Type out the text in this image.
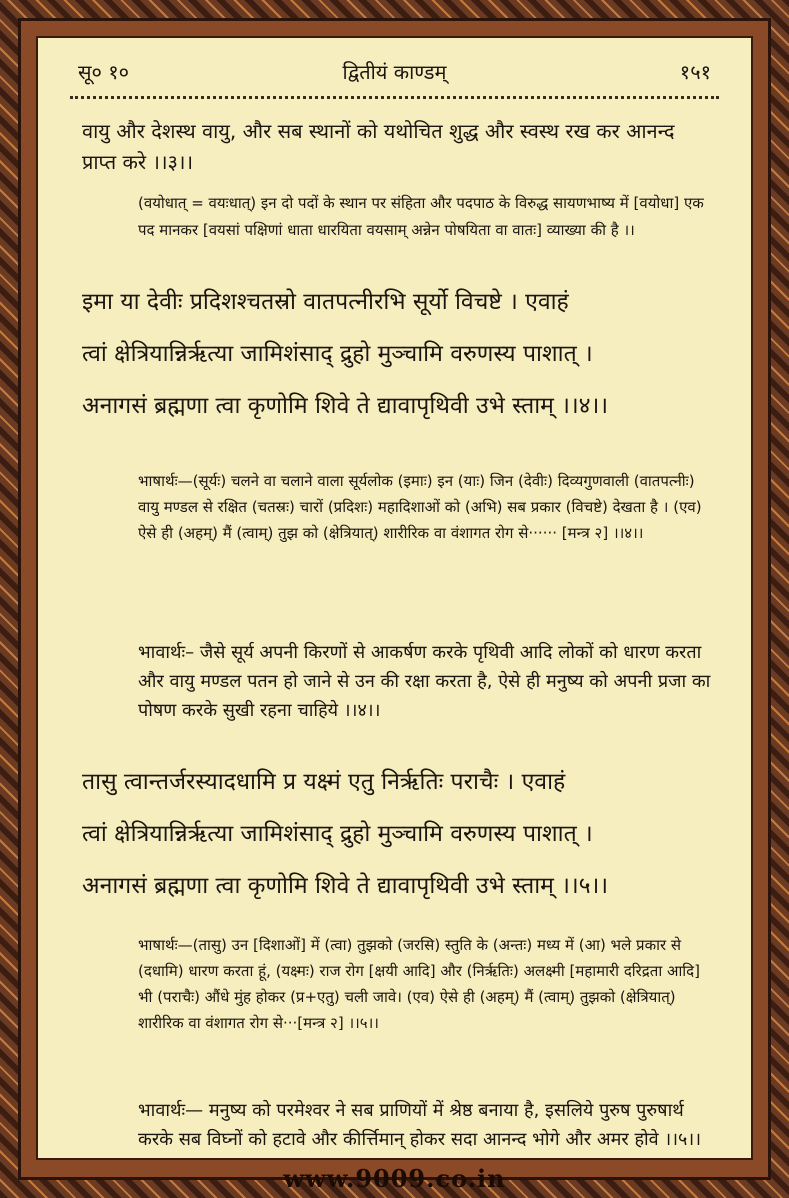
सू० १०	द्वितीयं काण्डम्	१५१
वायु और देशस्थ वायु, और सब स्थानों को यथोचित शुद्ध और स्वस्थ रख कर आनन्द प्राप्त करे ।।३।।
(वयोधात् = वयःधात्) इन दो पदों के स्थान पर संहिता और पदपाठ के विरुद्ध सायणभाष्य में [वयोधा] एक पद मानकर [वयसां पक्षिणां धाता धारयिता वयसाम् अन्नेन पोषयिता वा वातः] व्याख्या की है ।।
इमा या देवीः प्रदिशश्चतस्रो वातपत्नीरभि सूर्यो विचष्टे । एवाहं
त्वां क्षेत्रियान्निर्ऋत्या जामिशंसाद् द्रुहो मुञ्चामि वरुणस्य पाशात् ।
अनागसं ब्रह्मणा त्वा कृणोमि शिवे ते द्यावापृथिवी उभे स्ताम् ।।४।।
भाषार्थः—(सूर्यः) चलने वा चलाने वाला सूर्यलोक (इमाः) इन (याः) जिन (देवीः) दिव्यगुणवाली (वातपत्नीः) वायु मण्डल से रक्षित (चतस्रः) चारों (प्रदिशः) महादिशाओं को (अभि) सब प्रकार (विचष्टे) देखता है । (एव) ऐसे ही (अहम्) मैं (त्वाम्) तुझ को (क्षेत्रियात्) शारीरिक वा वंशागत रोग से······ [मन्त्र २] ।।४।।
भावार्थः– जैसे सूर्य अपनी किरणों से आकर्षण करके पृथिवी आदि लोकों को धारण करता और वायु मण्डल पतन हो जाने से उन की रक्षा करता है, ऐसे ही मनुष्य को अपनी प्रजा का पोषण करके सुखी रहना चाहिये ।।४।।
तासु त्वान्तर्जरस्यादधामि प्र यक्ष्मं एतु निर्ऋतिः पराचैः । एवाहं
त्वां क्षेत्रियान्निर्ऋत्या जामिशंसाद् द्रुहो मुञ्चामि वरुणस्य पाशात् ।
अनागसं ब्रह्मणा त्वा कृणोमि शिवे ते द्यावापृथिवी उभे स्ताम् ।।५।।
भाषार्थः—(तासु) उन [दिशाओं] में (त्वा) तुझको (जरसि) स्तुति के (अन्तः) मध्य में (आ) भले प्रकार से (दधामि) धारण करता हूं, (यक्ष्मः) राज रोग [क्षयी आदि] और (निर्ऋतिः) अलक्ष्मी [महामारी दरिद्रता आदि] भी (पराचैः) औंधे मुंह होकर (प्र+एतु) चली जावे। (एव) ऐसे ही (अहम्) मैं (त्वाम्) तुझको (क्षेत्रियात्) शारीरिक वा वंशागत रोग से···[मन्त्र २] ।।५।।
भावार्थः— मनुष्य को परमेश्वर ने सब प्राणियों में श्रेष्ठ बनाया है, इसलिये पुरुष पुरुषार्थ करके सब विघ्नों को हटावे और कीर्त्तिमान् होकर सदा आनन्द भोगे और अमर होवे ।।५।।
www.9009.co.in
